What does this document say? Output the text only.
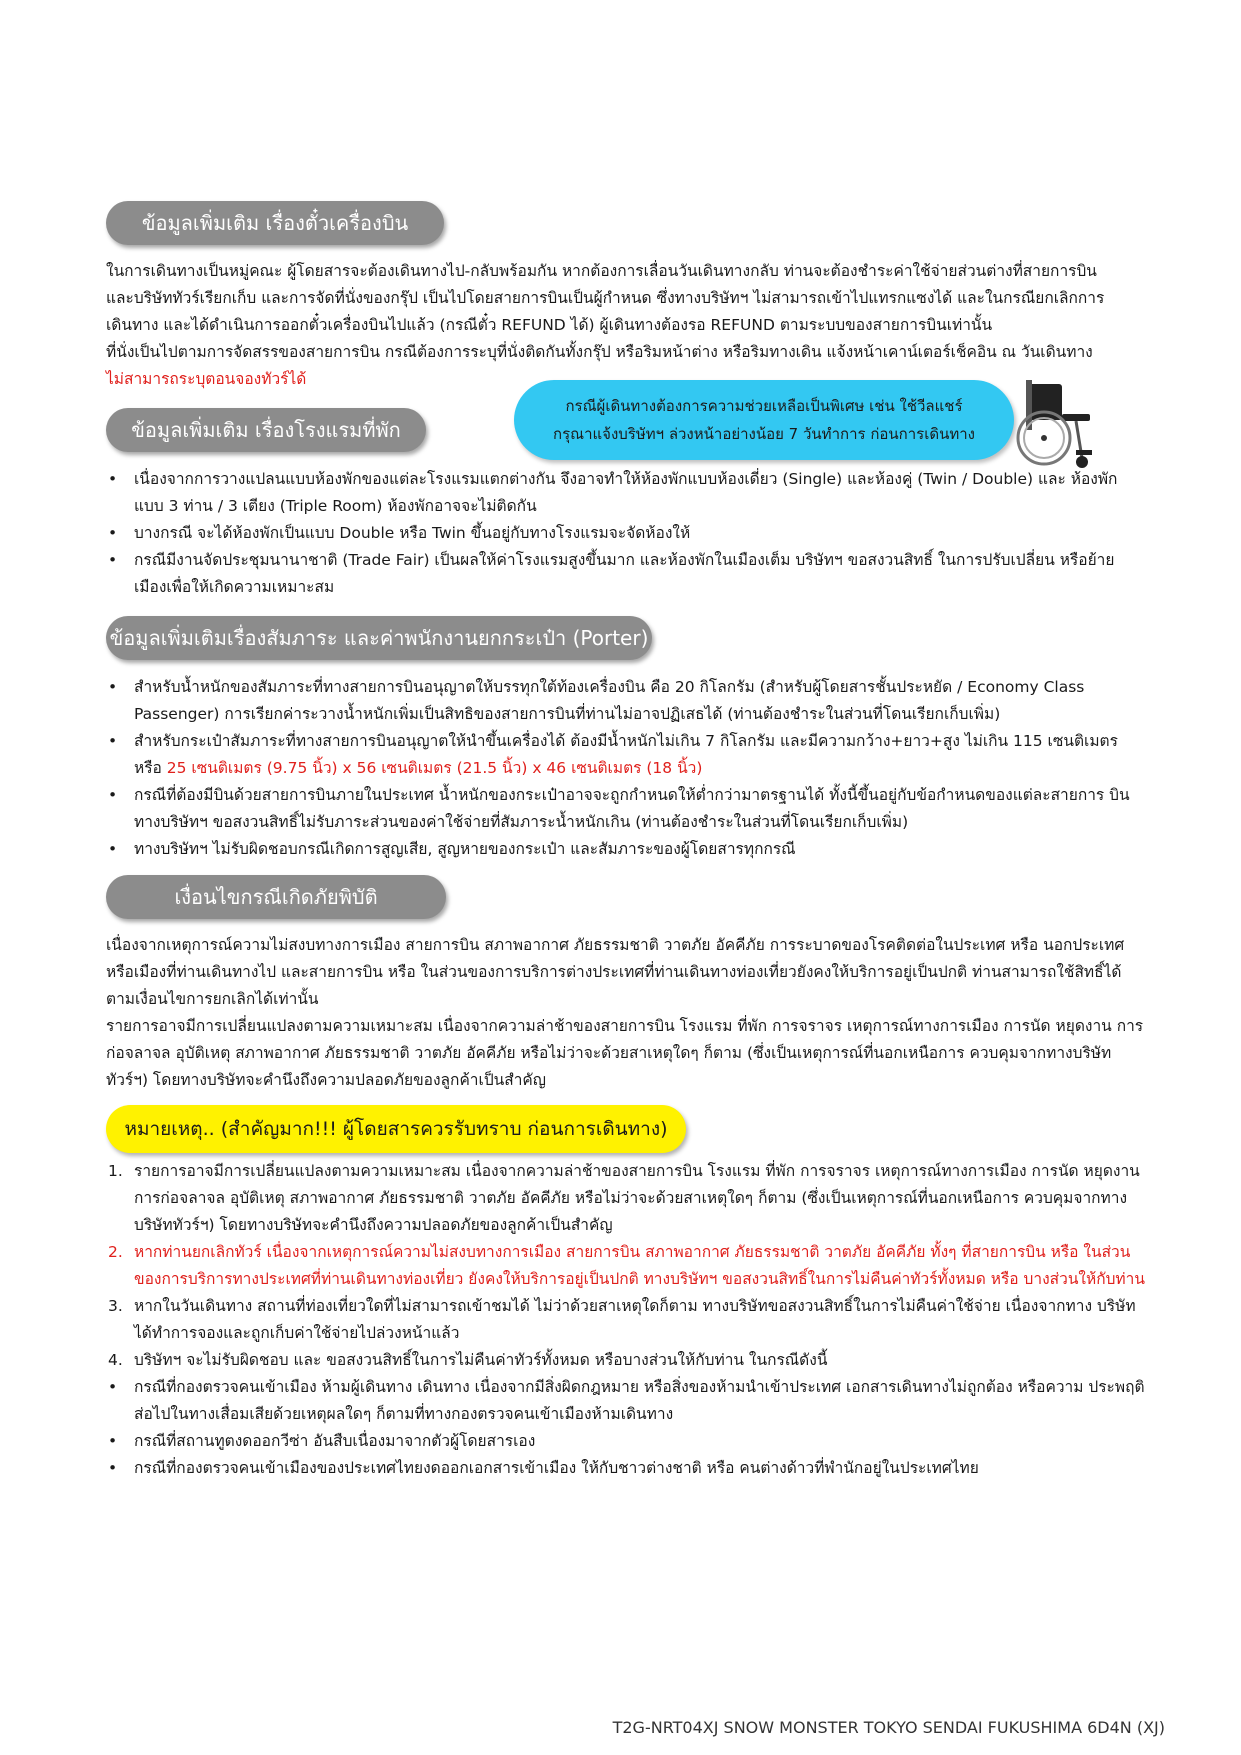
ข้อมูลเพิ่มเติม เรื่องตั๋วเครื่องบิน

ในการเดินทางเป็นหมู่คณะ ผู้โดยสารจะต้องเดินทางไป-กลับพร้อมกัน หากต้องการเลื่อนวันเดินทางกลับ ท่านจะต้องชำระค่าใช้จ่ายส่วนต่างที่สายการบิน

และบริษัททัวร์เรียกเก็บ และการจัดที่นั่งของกรุ๊ป เป็นไปโดยสายการบินเป็นผู้กำหนด ซึ่งทางบริษัทฯ ไม่สามารถเข้าไปแทรกแซงได้ และในกรณียกเลิกการ

เดินทาง และได้ดำเนินการออกตั๋วเครื่องบินไปแล้ว (กรณีตั๋ว REFUND ได้) ผู้เดินทางต้องรอ REFUND ตามระบบของสายการบินเท่านั้น

ที่นั่งเป็นไปตามการจัดสรรของสายการบิน กรณีต้องการระบุที่นั่งติดกันทั้งกรุ๊ป หรือริมหน้าต่าง หรือริมทางเดิน แจ้งหน้าเคาน์เตอร์เช็คอิน ณ วันเดินทาง

ไม่สามารถระบุตอนจองทัวร์ได้

กรณีผู้เดินทางต้องการความช่วยเหลือเป็นพิเศษ เช่น ใช้วีลแชร์
กรุณาแจ้งบริษัทฯ ล่วงหน้าอย่างน้อย 7 วันทำการ ก่อนการเดินทาง
ข้อมูลเพิ่มเติม เรื่องโรงแรมที่พัก
• เนื่องจากการวางแปลนแบบห้องพักของแต่ละโรงแรมแตกต่างกัน จึงอาจทำให้ห้องพักแบบห้องเดี่ยว (Single) และห้องคู่ (Twin / Double) และ ห้องพัก แบบ 3 ท่าน / 3 เตียง (Triple Room) ห้องพักอาจจะไม่ติดกัน
• บางกรณี จะได้ห้องพักเป็นแบบ Double หรือ Twin ขึ้นอยู่กับทางโรงแรมจะจัดห้องให้
• กรณีมีงานจัดประชุมนานาชาติ (Trade Fair) เป็นผลให้ค่าโรงแรมสูงขึ้นมาก และห้องพักในเมืองเต็ม บริษัทฯ ขอสงวนสิทธิ์ ในการปรับเปลี่ยน หรือย้ายเมืองเพื่อให้เกิดความเหมาะสม
ข้อมูลเพิ่มเติมเรื่องสัมภาระ และค่าพนักงานยกกระเป๋า (Porter)
• สำหรับน้ำหนักของสัมภาระที่ทางสายการบินอนุญาตให้บรรทุกใต้ท้องเครื่องบิน คือ 20 กิโลกรัม (สำหรับผู้โดยสารชั้นประหยัด / Economy Class Passenger) การเรียกค่าระวางน้ำหนักเพิ่มเป็นสิทธิของสายการบินที่ท่านไม่อาจปฏิเสธได้ (ท่านต้องชำระในส่วนที่โดนเรียกเก็บเพิ่ม)
• สำหรับกระเป๋าสัมภาระที่ทางสายการบินอนุญาตให้นำขึ้นเครื่องได้ ต้องมีน้ำหนักไม่เกิน 7 กิโลกรัม และมีความกว้าง+ยาว+สูง ไม่เกิน 115 เซนติเมตร หรือ 25 เซนติเมตร (9.75 นิ้ว) x 56 เซนติเมตร (21.5 นิ้ว) x 46 เซนติเมตร (18 นิ้ว)
• กรณีที่ต้องมีบินด้วยสายการบินภายในประเทศ น้ำหนักของกระเป๋าอาจจะถูกกำหนดให้ต่ำกว่ามาตรฐานได้ ทั้งนี้ขึ้นอยู่กับข้อกำหนดของแต่ละสายการ บิน ทางบริษัทฯ ขอสงวนสิทธิ์ไม่รับภาระส่วนของค่าใช้จ่ายที่สัมภาระน้ำหนักเกิน (ท่านต้องชำระในส่วนที่โดนเรียกเก็บเพิ่ม)
• ทางบริษัทฯ ไม่รับผิดชอบกรณีเกิดการสูญเสีย, สูญหายของกระเป๋า และสัมภาระของผู้โดยสารทุกกรณี
เงื่อนไขกรณีเกิดภัยพิบัติ

เนื่องจากเหตุการณ์ความไม่สงบทางการเมือง สายการบิน สภาพอากาศ ภัยธรรมชาติ วาตภัย อัคคีภัย การระบาดของโรคติดต่อในประเทศ หรือ นอกประเทศ หรือเมืองที่ท่านเดินทางไป และสายการบิน หรือ ในส่วนของการบริการต่างประเทศที่ท่านเดินทางท่องเที่ยวยังคงให้บริการอยู่เป็นปกติ ท่านสามารถใช้สิทธิ์ได้ตามเงื่อนไขการยกเลิกได้เท่านั้น

รายการอาจมีการเปลี่ยนแปลงตามความเหมาะสม เนื่องจากความล่าช้าของสายการบิน โรงแรม ที่พัก การจราจร เหตุการณ์ทางการเมือง การนัด หยุดงาน การก่อจลาจล อุบัติเหตุ สภาพอากาศ ภัยธรรมชาติ วาตภัย อัคคีภัย หรือไม่ว่าจะด้วยสาเหตุใดๆ ก็ตาม (ซึ่งเป็นเหตุการณ์ที่นอกเหนือการ ควบคุมจากทางบริษัททัวร์ฯ) โดยทางบริษัทจะคำนึงถึงความปลอดภัยของลูกค้าเป็นสำคัญ

หมายเหตุ.. (สำคัญมาก!!! ผู้โดยสารควรรับทราบ ก่อนการเดินทาง)
1. รายการอาจมีการเปลี่ยนแปลงตามความเหมาะสม เนื่องจากความล่าช้าของสายการบิน โรงแรม ที่พัก การจราจร เหตุการณ์ทางการเมือง การนัด หยุดงาน การก่อจลาจล อุบัติเหตุ สภาพอากาศ ภัยธรรมชาติ วาตภัย อัคคีภัย หรือไม่ว่าจะด้วยสาเหตุใดๆ ก็ตาม (ซึ่งเป็นเหตุการณ์ที่นอกเหนือการ ควบคุมจากทางบริษัททัวร์ฯ) โดยทางบริษัทจะคำนึงถึงความปลอดภัยของลูกค้าเป็นสำคัญ
2. หากท่านยกเลิกทัวร์ เนื่องจากเหตุการณ์ความไม่สงบทางการเมือง สายการบิน สภาพอากาศ ภัยธรรมชาติ วาตภัย อัคคีภัย ทั้งๆ ที่สายการบิน หรือ ในส่วนของการบริการทางประเทศที่ท่านเดินทางท่องเที่ยว ยังคงให้บริการอยู่เป็นปกติ ทางบริษัทฯ ขอสงวนสิทธิ์ในการไม่คืนค่าทัวร์ทั้งหมด หรือ บางส่วนให้กับท่าน
3. หากในวันเดินทาง สถานที่ท่องเที่ยวใดที่ไม่สามารถเข้าชมได้ ไม่ว่าด้วยสาเหตุใดก็ตาม ทางบริษัทขอสงวนสิทธิ์ในการไม่คืนค่าใช้จ่าย เนื่องจากทาง บริษัทได้ทำการจองและถูกเก็บค่าใช้จ่ายไปล่วงหน้าแล้ว
4. บริษัทฯ จะไม่รับผิดชอบ และ ขอสงวนสิทธิ์ในการไม่คืนค่าทัวร์ทั้งหมด หรือบางส่วนให้กับท่าน ในกรณีดังนี้
• กรณีที่กองตรวจคนเข้าเมือง ห้ามผู้เดินทาง เดินทาง เนื่องจากมีสิ่งผิดกฎหมาย หรือสิ่งของห้ามนำเข้าประเทศ เอกสารเดินทางไม่ถูกต้อง หรือความ ประพฤติส่อไปในทางเสื่อมเสียด้วยเหตุผลใดๆ ก็ตามที่ทางกองตรวจคนเข้าเมืองห้ามเดินทาง
• กรณีที่สถานทูตงดออกวีซ่า อันสืบเนื่องมาจากตัวผู้โดยสารเอง
• กรณีที่กองตรวจคนเข้าเมืองของประเทศไทยงดออกเอกสารเข้าเมือง ให้กับชาวต่างชาติ หรือ คนต่างด้าวที่พำนักอยู่ในประเทศไทย
T2G-NRT04XJ SNOW MONSTER TOKYO SENDAI FUKUSHIMA 6D4N (XJ)
